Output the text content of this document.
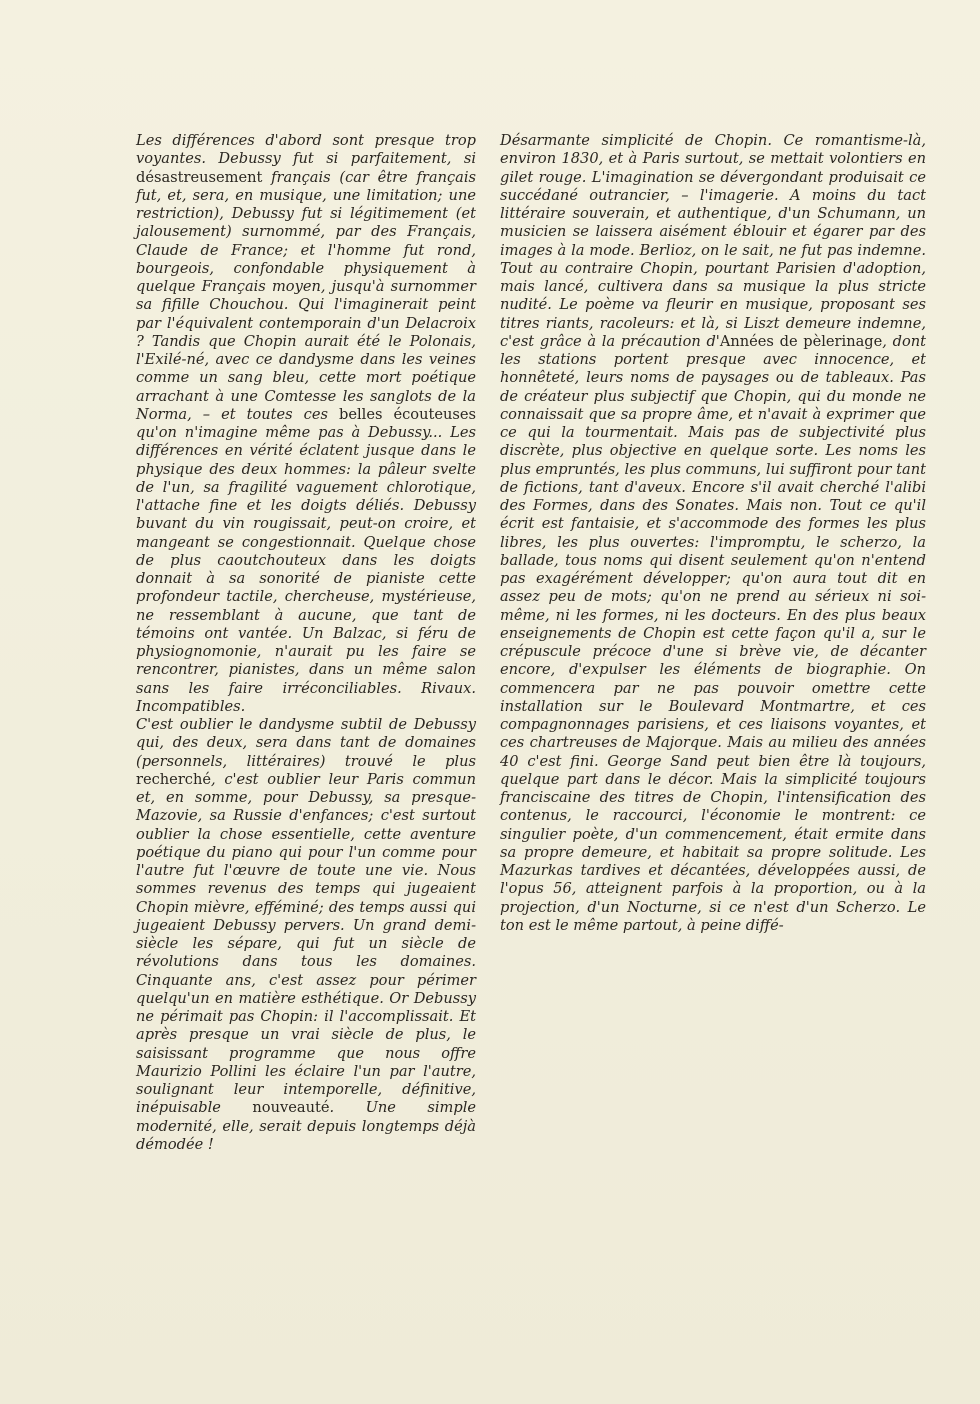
Les différences d'abord sont presque trop voyantes. Debussy fut si parfaitement, si désastreusement français (car être français fut, et, sera, en musique, une limitation; une restriction), Debussy fut si légitimement (et jalousement) surnommé, par des Français, Claude de France; et l'homme fut rond, bourgeois, confondable physiquement à quelque Français moyen, jusqu'à surnommer sa fifille Chouchou. Qui l'imaginerait peint par l'équivalent contemporain d'un Delacroix ? Tandis que Chopin aurait été le Polonais, l'Exilé-né, avec ce dandysme dans les veines comme un sang bleu, cette mort poétique arrachant à une Comtesse les sanglots de la Norma, – et toutes ces belles écouteuses qu'on n'imagine même pas à Debussy... Les différences en vérité éclatent jusque dans le physique des deux hommes: la pâleur svelte de l'un, sa fragilité vaguement chlorotique, l'attache fine et les doigts déliés. Debussy buvant du vin rougissait, peut-on croire, et mangeant se congestionnait. Quelque chose de plus caoutchouteux dans les doigts donnait à sa sonorité de pianiste cette profondeur tactile, chercheuse, mystérieuse, ne ressemblant à aucune, que tant de témoins ont vantée. Un Balzac, si féru de physiognomonie, n'aurait pu les faire se rencontrer, pianistes, dans un même salon sans les faire irréconciliables. Rivaux. Incompatibles.

C'est oublier le dandysme subtil de Debussy qui, des deux, sera dans tant de domaines (personnels, littéraires) trouvé le plus recherché, c'est oublier leur Paris commun et, en somme, pour Debussy, sa presque-Mazovie, sa Russie d'enfances; c'est surtout oublier la chose essentielle, cette aventure poétique du piano qui pour l'un comme pour l'autre fut l'œuvre de toute une vie. Nous sommes revenus des temps qui jugeaient Chopin mièvre, efféminé; des temps aussi qui jugeaient Debussy pervers. Un grand demi-siècle les sépare, qui fut un siècle de révolutions dans tous les domaines. Cinquante ans, c'est assez pour périmer quelqu'un en matière esthétique. Or Debussy ne périmait pas Chopin: il l'accomplissait. Et après presque un vrai siècle de plus, le saisissant programme que nous offre Maurizio Pollini les éclaire l'un par l'autre, soulignant leur intemporelle, définitive, inépuisable nouveauté. Une simple modernité, elle, serait depuis longtemps déjà démodée !

Désarmante simplicité de Chopin. Ce romantisme-là, environ 1830, et à Paris surtout, se mettait volontiers en gilet rouge. L'imagination se dévergondant produisait ce succédané outrancier, – l'imagerie. A moins du tact littéraire souverain, et authentique, d'un Schumann, un musicien se laissera aisément éblouir et égarer par des images à la mode. Berlioz, on le sait, ne fut pas indemne. Tout au contraire Chopin, pourtant Parisien d'adoption, mais lancé, cultivera dans sa musique la plus stricte nudité. Le poème va fleurir en musique, proposant ses titres riants, racoleurs: et là, si Liszt demeure indemne, c'est grâce à la précaution d'Années de pèlerinage, dont les stations portent presque avec innocence, et honnêteté, leurs noms de paysages ou de tableaux. Pas de créateur plus subjectif que Chopin, qui du monde ne connaissait que sa propre âme, et n'avait à exprimer que ce qui la tourmentait. Mais pas de subjectivité plus discrète, plus objective en quelque sorte. Les noms les plus empruntés, les plus communs, lui suffiront pour tant de fictions, tant d'aveux. Encore s'il avait cherché l'alibi des Formes, dans des Sonates. Mais non. Tout ce qu'il écrit est fantaisie, et s'accommode des formes les plus libres, les plus ouvertes: l'impromptu, le scherzo, la ballade, tous noms qui disent seulement qu'on n'entend pas exagérément développer; qu'on aura tout dit en assez peu de mots; qu'on ne prend au sérieux ni soi-même, ni les formes, ni les docteurs. En des plus beaux enseignements de Chopin est cette façon qu'il a, sur le crépuscule précoce d'une si brève vie, de décanter encore, d'expulser les éléments de biographie. On commencera par ne pas pouvoir omettre cette installation sur le Boulevard Montmartre, et ces compagnonnages parisiens, et ces liaisons voyantes, et ces chartreuses de Majorque. Mais au milieu des années 40 c'est fini. George Sand peut bien être là toujours, quelque part dans le décor. Mais la simplicité toujours franciscaine des titres de Chopin, l'intensification des contenus, le raccourci, l'économie le montrent: ce singulier poète, d'un commencement, était ermite dans sa propre demeure, et habitait sa propre solitude. Les Mazurkas tardives et décantées, développées aussi, de l'opus 56, atteignent parfois à la proportion, ou à la projection, d'un Nocturne, si ce n'est d'un Scherzo. Le ton est le même partout, à peine diffé-
